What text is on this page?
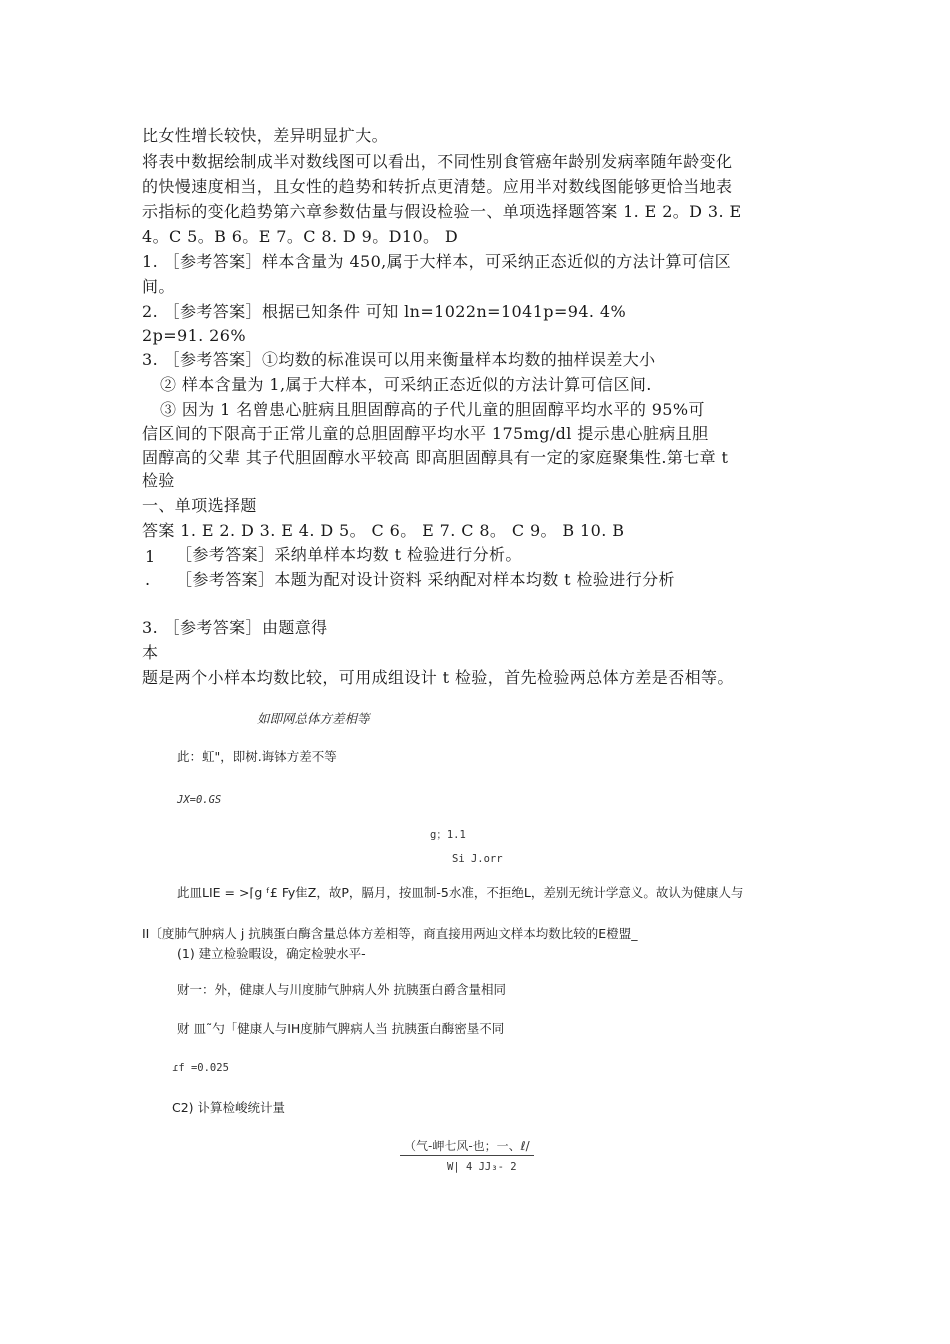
比女性增长较快，差异明显扩大。
将表中数据绘制成半对数线图可以看出，不同性别食管癌年龄别发病率随年龄变化
的快慢速度相当，且女性的趋势和转折点更清楚。应用半对数线图能够更恰当地表
示指标的变化趋势第六章参数估量与假设检验一、单项选择题答案 1. E 2。D 3. E
4。C 5。B 6。E 7。C 8. D 9。D10。 D
1. ［参考答案］样本含量为 450,属于大样本，可采纳正态近似的方法计算可信区
间。
2. ［参考答案］根据已知条件 可知 ln=1022n=1041p=94. 4%
2p=91. 26%
3. ［参考答案］①均数的标准误可以用来衡量样本均数的抽样误差大小
② 样本含量为 1,属于大样本，可采纳正态近似的方法计算可信区间.
③ 因为 1 名曾患心脏病且胆固醇高的子代儿童的胆固醇平均水平的 95%可
信区间的下限高于正常儿童的总胆固醇平均水平 175mg/dl 提示患心脏病且胆
固醇高的父辈 其子代胆固醇水平较高 即高胆固醇具有一定的家庭聚集性.第七章 t
检验
一、单项选择题
答案 1. E 2. D 3. E 4. D 5。 C 6。 E 7. C 8。 C 9。 B 10. B
1 ［参考答案］采纳单样本均数 t 检验进行分析。
. ［参考答案］本题为配对设计资料 采纳配对样本均数 t 检验进行分析
3. ［参考答案］由题意得
本
题是两个小样本均数比较，可用成组设计 t 检验，首先检验两总体方差是否相等。
如即网总体方差相等
此：虹"，即树.诲钵方差不等
JX=0.GS
g；1.1
Si J.orr
此皿LIE = >⌈g ᶠ£ Fy隹Z，故P，膈月，按皿制-5水准，不拒绝L，差别无统计学意义。故认为健康人与
II〔度肺气肿病人 j 抗胰蛋白酶含量总体方差相等，商直接用两辿文样本均数比较的E橙盟_
(1) 建立检验暇设，确定检驶水平-
财一：外，健康人与川度肺气肿病人外 抗胰蛋白爵含量相同
财 皿˜勺「健康人与IH度肺气脾病人当 抗胰蛋白酶密垦不同
ɾf =0.025
C2) 讣算检峻统计量
（气-岬七风-也；一、ℓ/
W| 4 JJ₃- 2
